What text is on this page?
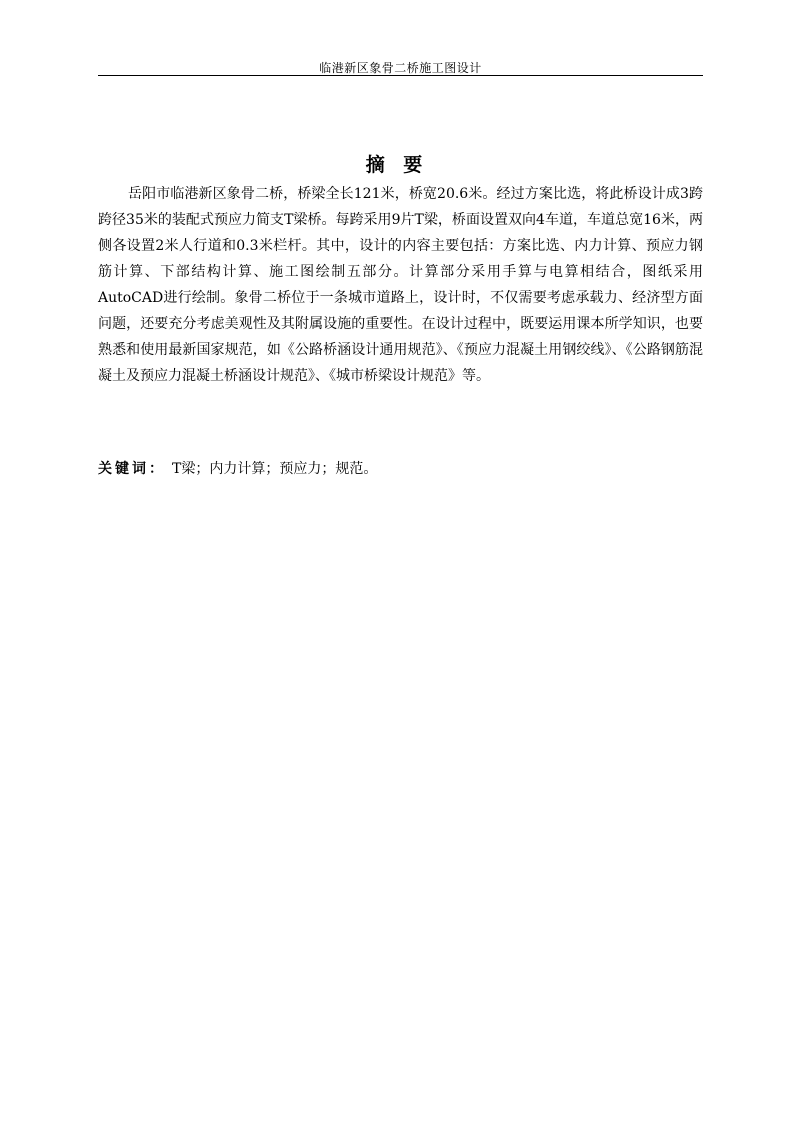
临港新区象骨二桥施工图设计
摘 要

岳阳市临港新区象骨二桥，桥梁全长121米，桥宽20.6米。经过方案比选，将此桥设计成3跨跨径35米的装配式预应力简支T梁桥。每跨采用9片T梁，桥面设置双向4车道，车道总宽16米，两侧各设置2米人行道和0.3米栏杆。其中，设计的内容主要包括：方案比选、内力计算、预应力钢筋计算、下部结构计算、施工图绘制五部分。计算部分采用手算与电算相结合，图纸采用AutoCAD进行绘制。象骨二桥位于一条城市道路上，设计时，不仅需要考虑承载力、经济型方面问题，还要充分考虑美观性及其附属设施的重要性。在设计过程中，既要运用课本所学知识，也要熟悉和使用最新国家规范，如《公路桥涵设计通用规范》、《预应力混凝土用钢绞线》、《公路钢筋混凝土及预应力混凝土桥涵设计规范》、《城市桥梁设计规范》等。

关键词： T梁；内力计算；预应力；规范。
